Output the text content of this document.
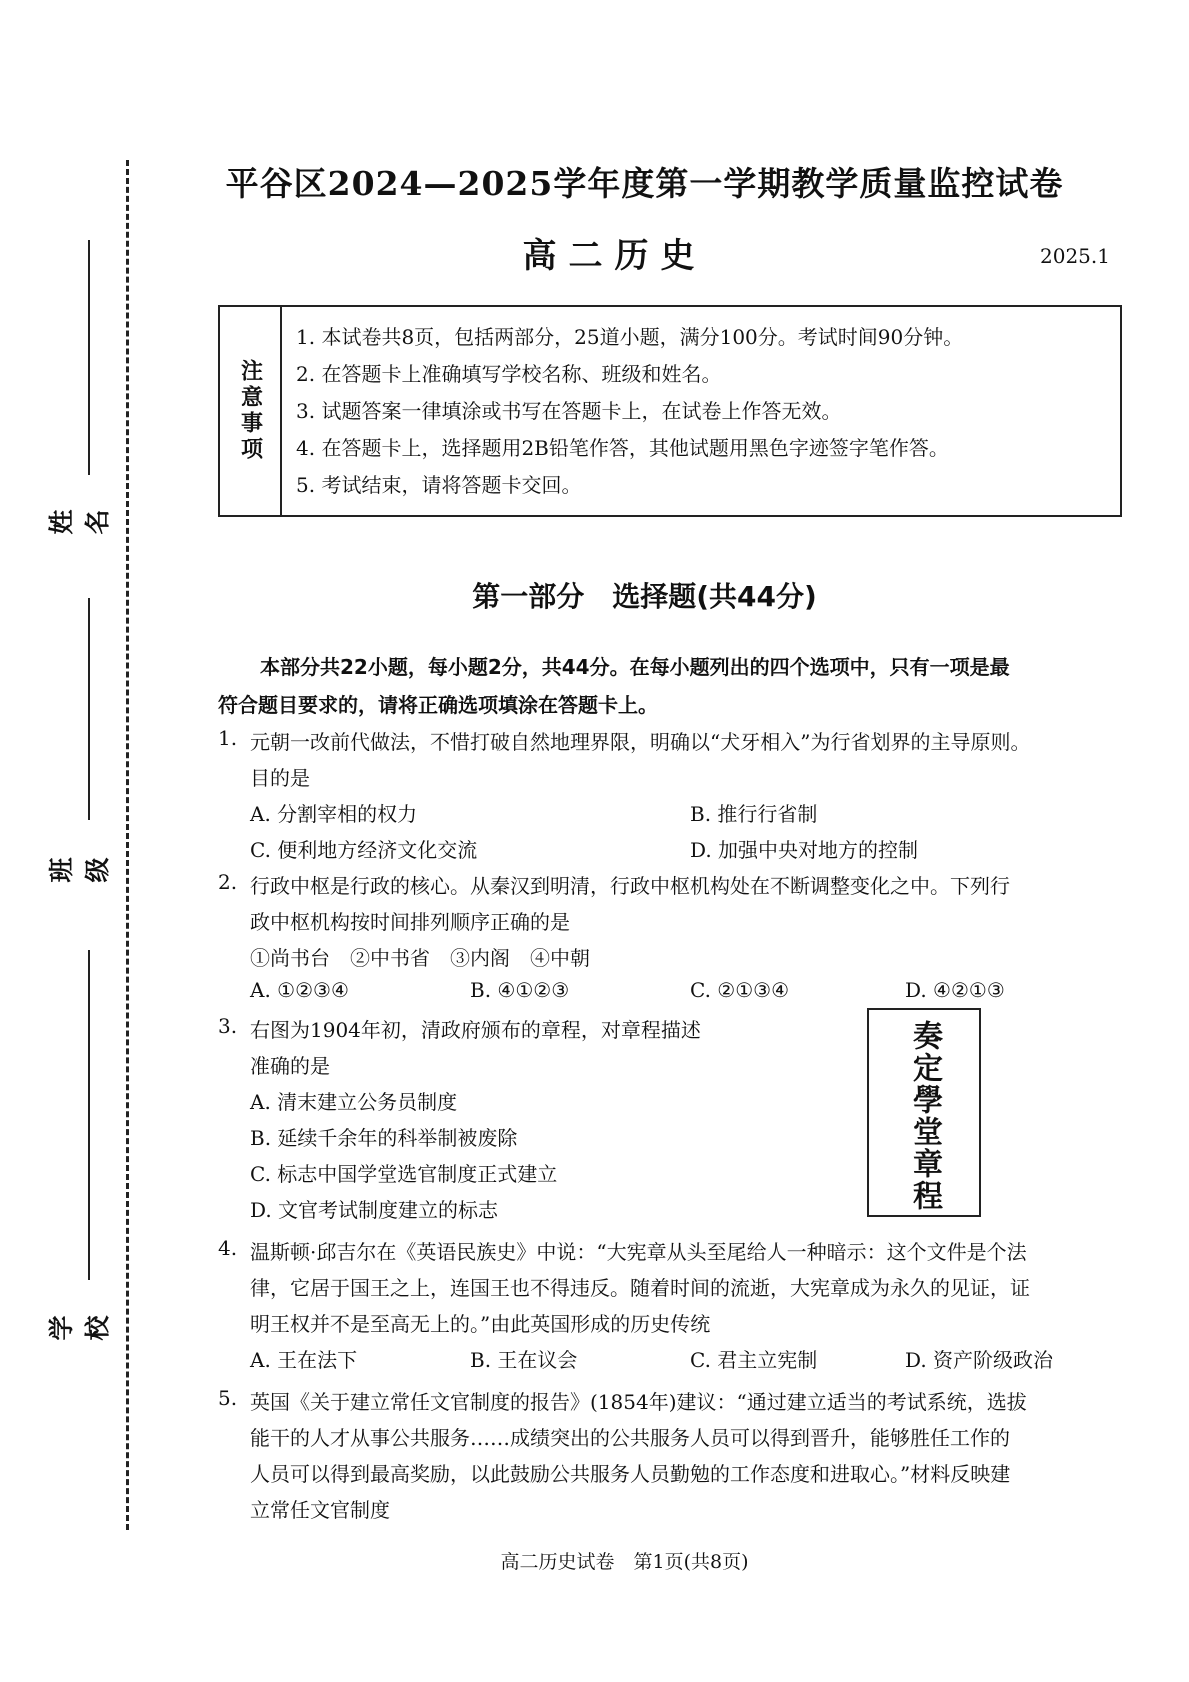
姓名
班级
学校
平谷区2024—2025学年度第一学期教学质量监控试卷
高二历史	2025.1
注意事项
1. 本试卷共8页，包括两部分，25道小题，满分100分。考试时间90分钟。
2. 在答题卡上准确填写学校名称、班级和姓名。
3. 试题答案一律填涂或书写在答题卡上，在试卷上作答无效。
4. 在答题卡上，选择题用2B铅笔作答，其他试题用黑色字迹签字笔作答。
5. 考试结束，请将答题卡交回。
第一部分　选择题(共44分)

本部分共22小题，每小题2分，共44分。在每小题列出的四个选项中，只有一项是最

符合题目要求的，请将正确选项填涂在答题卡上。

1. 元朝一改前代做法，不惜打破自然地理界限，明确以“犬牙相入”为行省划界的主导原则。
目的是
A. 分割宰相的权力	B. 推行行省制
C. 便利地方经济文化交流	D. 加强中央对地方的控制
2. 行政中枢是行政的核心。从秦汉到明清，行政中枢机构处在不断调整变化之中。下列行
政中枢机构按时间排列顺序正确的是
①尚书台　②中书省　③内阁　④中朝
A. ①②③④	B. ④①②③	C. ②①③④	D. ④②①③
3. 右图为1904年初，清政府颁布的章程，对章程描述
准确的是
A. 清末建立公务员制度
B. 延续千余年的科举制被废除
C. 标志中国学堂选官制度正式建立
D. 文官考试制度建立的标志	奏定學堂章程
4. 温斯顿·邱吉尔在《英语民族史》中说：“大宪章从头至尾给人一种暗示：这个文件是个法
律，它居于国王之上，连国王也不得违反。随着时间的流逝，大宪章成为永久的见证，证
明王权并不是至高无上的。”由此英国形成的历史传统
A. 王在法下	B. 王在议会	C. 君主立宪制	D. 资产阶级政治
5. 英国《关于建立常任文官制度的报告》(1854年)建议：“通过建立适当的考试系统，选拔
能干的人才从事公共服务……成绩突出的公共服务人员可以得到晋升，能够胜任工作的
人员可以得到最高奖励，以此鼓励公共服务人员勤勉的工作态度和进取心。”材料反映建
立常任文官制度
高二历史试卷　第1页(共8页)
